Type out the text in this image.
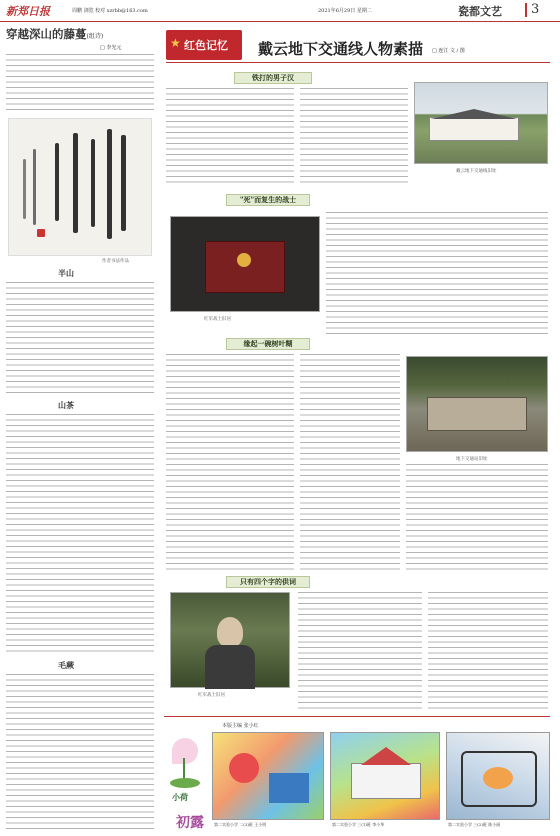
新郑日报	周鹏 浏览 校对 xzrbb@163.com	2021年6月29日 星期二	瓷都文艺 3
穿越深山的藤蔓(组诗)
□ 李光元
作者书法作品
半山
山茶
毛蕨
★ 红色记忆 戴云地下交通线人物素描 □ 连江 文 / 图
铁打的男子汉
戴云地下交通线旧址
"死"而复生的战士
红军战士旧居
缘起一碗树叶糊
地下交通站旧址
只有四个字的供词
红军战士旧居
本版主编 张小红
小荷
初露	第二实验小学 二(3)班 王小明	第二实验小学 三(1)班 李小华	第二实验小学 三(2)班 陈小丽
